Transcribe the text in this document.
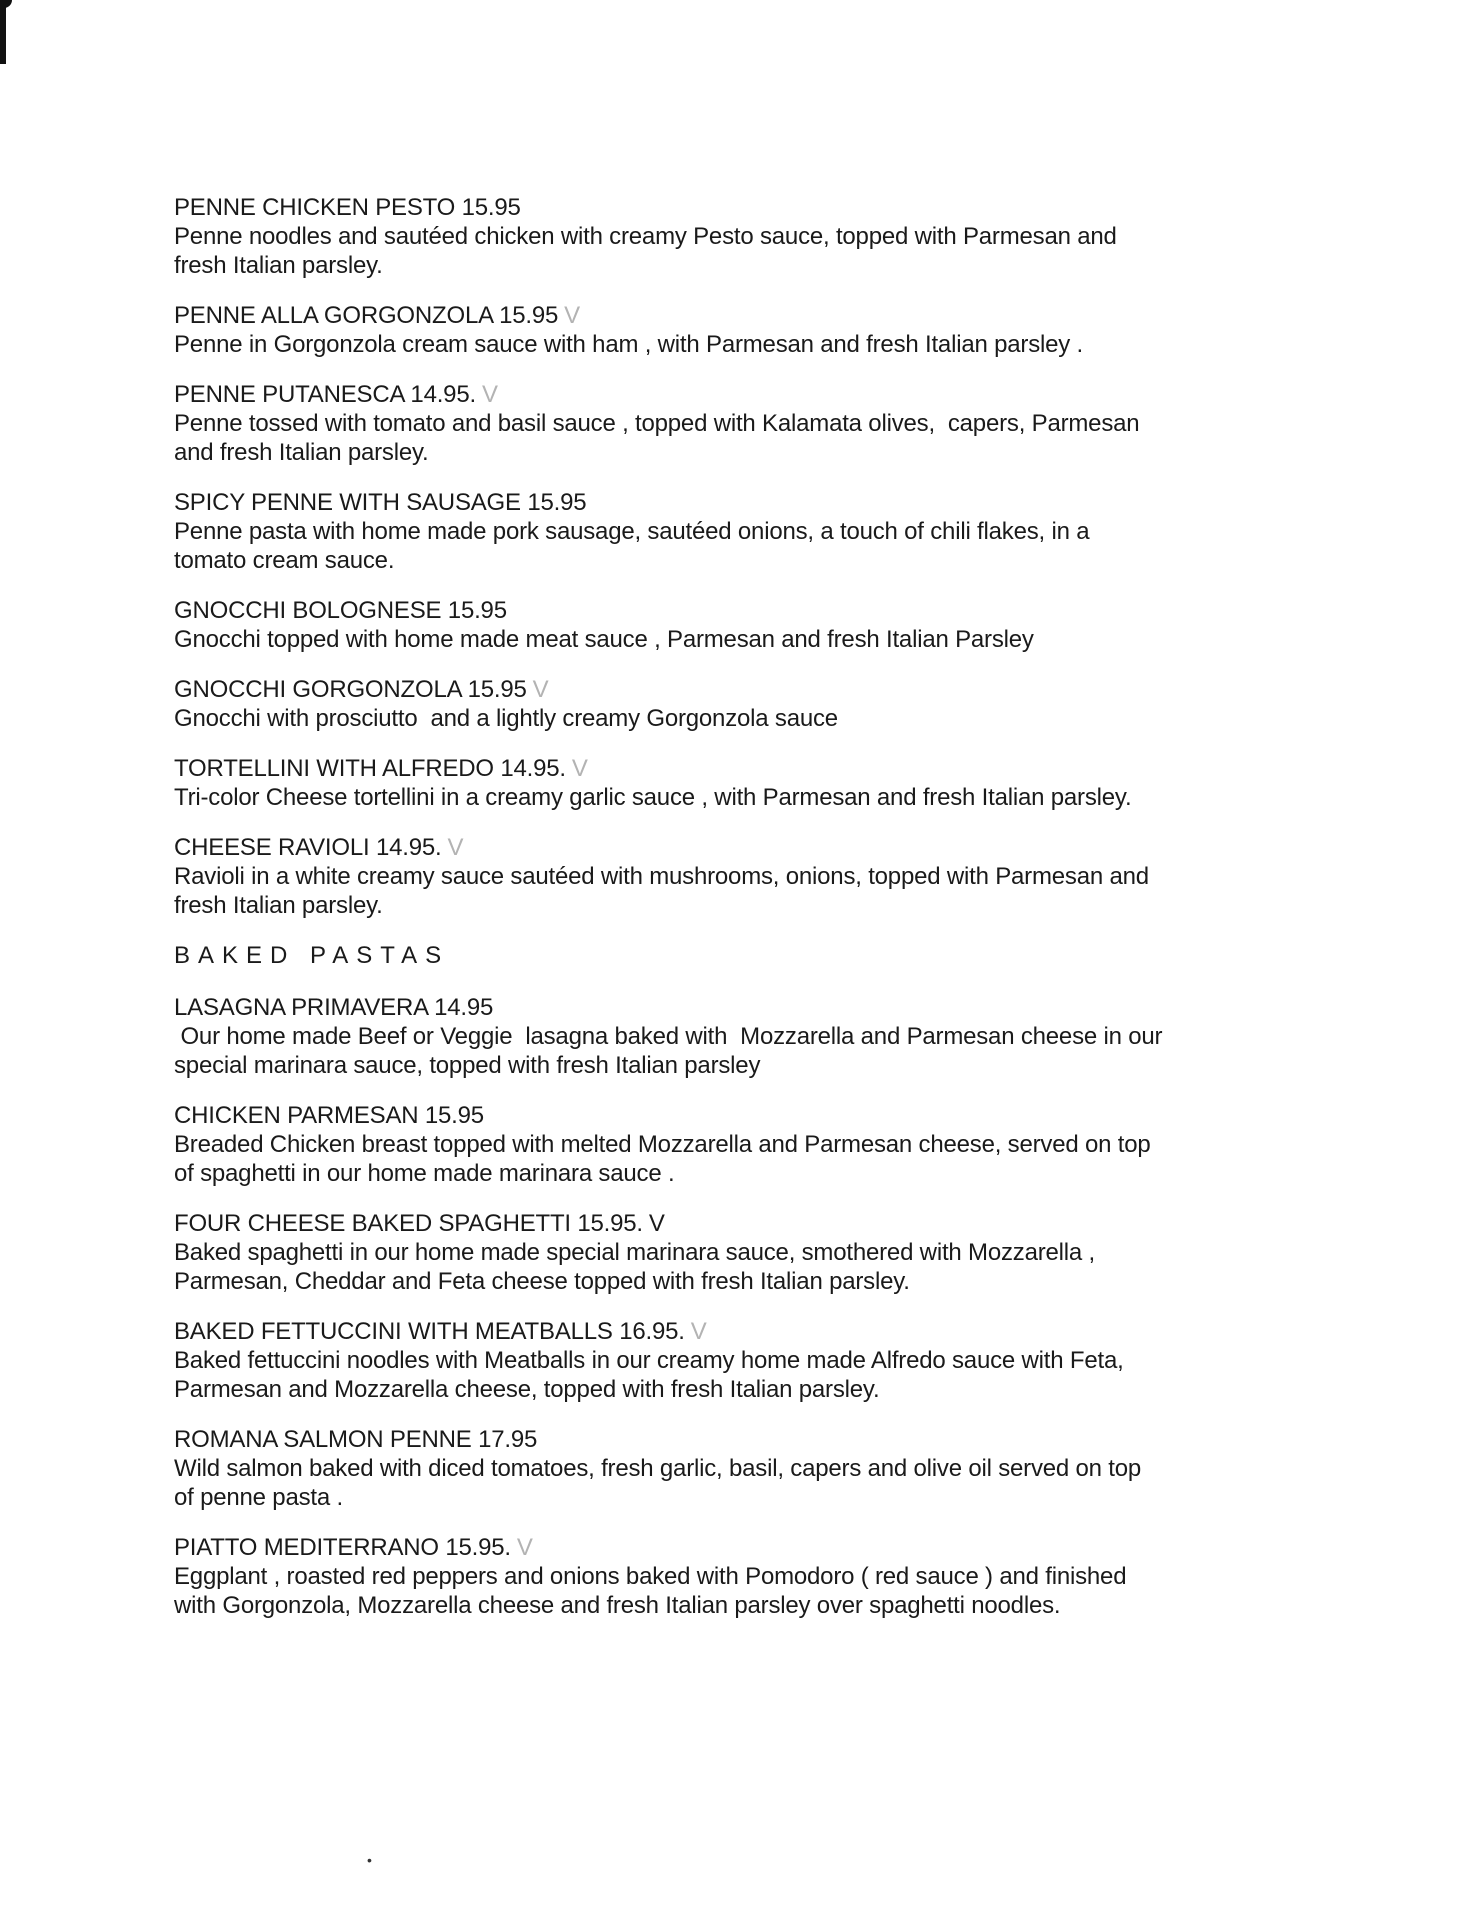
PENNE CHICKEN PESTO 15.95
Penne noodles and sautéed chicken with creamy Pesto sauce, topped with Parmesan and
fresh Italian parsley.
PENNE ALLA GORGONZOLA 15.95 V
Penne in Gorgonzola cream sauce with ham , with Parmesan and fresh Italian parsley .
PENNE PUTANESCA 14.95. V
Penne tossed with tomato and basil sauce , topped with Kalamata olives,  capers, Parmesan
and fresh Italian parsley.
SPICY PENNE WITH SAUSAGE 15.95
Penne pasta with home made pork sausage, sautéed onions, a touch of chili flakes, in a
tomato cream sauce.
GNOCCHI BOLOGNESE 15.95
Gnocchi topped with home made meat sauce , Parmesan and fresh Italian Parsley
GNOCCHI GORGONZOLA 15.95 V
Gnocchi with prosciutto  and a lightly creamy Gorgonzola sauce
TORTELLINI WITH ALFREDO 14.95. V
Tri-color Cheese tortellini in a creamy garlic sauce , with Parmesan and fresh Italian parsley.
CHEESE RAVIOLI 14.95. V
Ravioli in a white creamy sauce sautéed with mushrooms, onions, topped with Parmesan and
fresh Italian parsley.
BAKED PASTAS
LASAGNA PRIMAVERA 14.95
Our home made Beef or Veggie  lasagna baked with  Mozzarella and Parmesan cheese in our
special marinara sauce, topped with fresh Italian parsley
CHICKEN PARMESAN 15.95
Breaded Chicken breast topped with melted Mozzarella and Parmesan cheese, served on top
of spaghetti in our home made marinara sauce .
FOUR CHEESE BAKED SPAGHETTI 15.95. V
Baked spaghetti in our home made special marinara sauce, smothered with Mozzarella ,
Parmesan, Cheddar and Feta cheese topped with fresh Italian parsley.
BAKED FETTUCCINI WITH MEATBALLS 16.95. V
Baked fettuccini noodles with Meatballs in our creamy home made Alfredo sauce with Feta,
Parmesan and Mozzarella cheese, topped with fresh Italian parsley.
ROMANA SALMON PENNE 17.95
Wild salmon baked with diced tomatoes, fresh garlic, basil, capers and olive oil served on top
of penne pasta .
PIATTO MEDITERRANO 15.95. V
Eggplant , roasted red peppers and onions baked with Pomodoro ( red sauce ) and finished
with Gorgonzola, Mozzarella cheese and fresh Italian parsley over spaghetti noodles.
•
